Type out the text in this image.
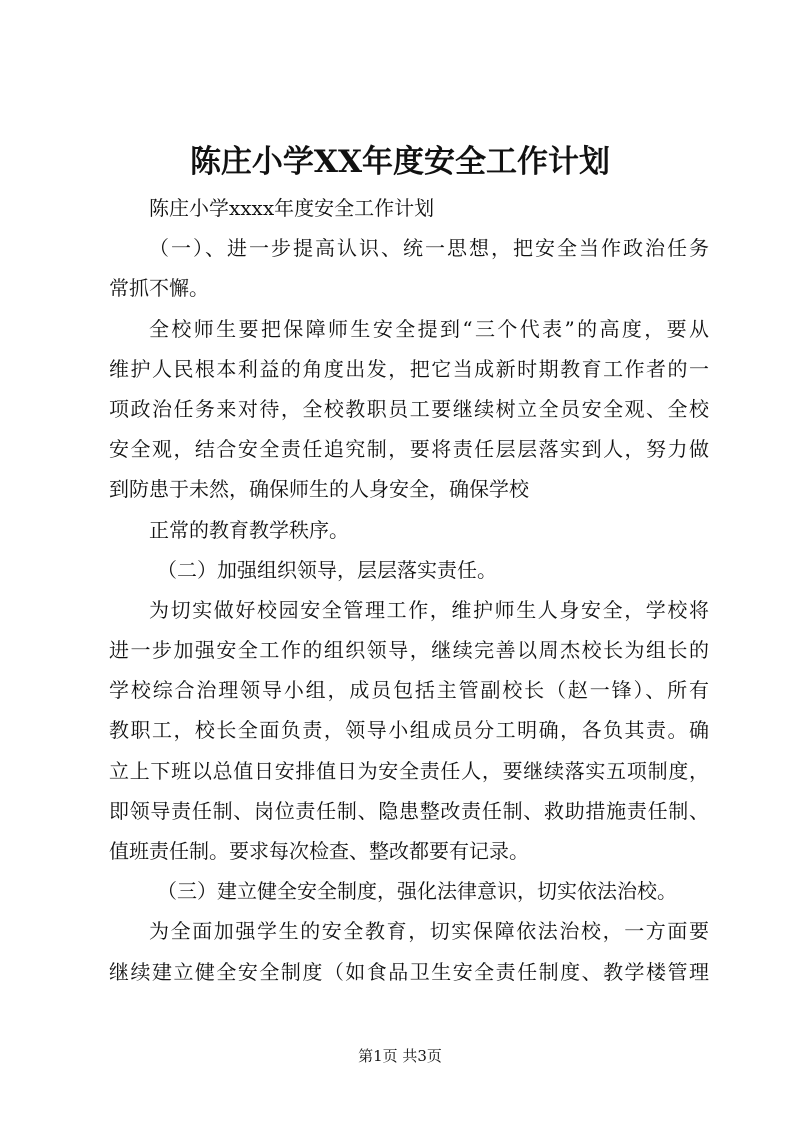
陈庄小学XX年度安全工作计划
陈庄小学xxxx年度安全工作计划
（一）、进一步提高认识、统一思想，把安全当作政治任务
常抓不懈。
全校师生要把保障师生安全提到“三个代表”的高度，要从
维护人民根本利益的角度出发，把它当成新时期教育工作者的一
项政治任务来对待，全校教职员工要继续树立全员安全观、全校
安全观，结合安全责任追究制，要将责任层层落实到人，努力做
到防患于未然，确保师生的人身安全，确保学校
正常的教育教学秩序。
（二）加强组织领导，层层落实责任。
为切实做好校园安全管理工作，维护师生人身安全，学校将
进一步加强安全工作的组织领导，继续完善以周杰校长为组长的
学校综合治理领导小组，成员包括主管副校长（赵一锋）、所有
教职工，校长全面负责，领导小组成员分工明确，各负其责。确
立上下班以总值日安排值日为安全责任人，要继续落实五项制度，
即领导责任制、岗位责任制、隐患整改责任制、救助措施责任制、
值班责任制。要求每次检查、整改都要有记录。
（三）建立健全安全制度，强化法律意识，切实依法治校。
为全面加强学生的安全教育，切实保障依法治校，一方面要
继续建立健全安全制度（如食品卫生安全责任制度、教学楼管理
第1页 共3页
